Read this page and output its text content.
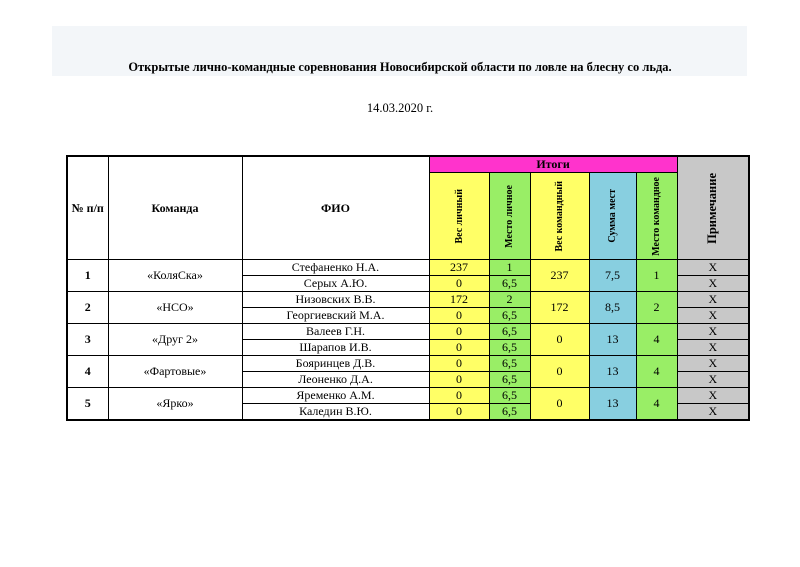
Открытые лично-командные соревнования Новосибирской области по ловле на блесну со льда.
14.03.2020 г.
№ п/п	Команда	ФИО	Итоги					Примечание

			Вес личный	Место личное	Вес командный	Сумма мест	Место командное	

1	«КоляСка»	Стефаненко Н.А.	237	1	237	7,5	1	X
		Серых А.Ю.	0	6,5				X
2	«НСО»	Низовских В.В.	172	2	172	8,5	2	X
		Георгиевский М.А.	0	6,5				X
3	«Друг 2»	Валеев Г.Н.	0	6,5	0	13	4	X
		Шарапов И.В.	0	6,5				X
4	«Фартовые»	Бояринцев Д.В.	0	6,5	0	13	4	X
		Леоненко Д.А.	0	6,5				X
5	«Ярко»	Яременко А.М.	0	6,5	0	13	4	X
		Каледин В.Ю.	0	6,5				X
